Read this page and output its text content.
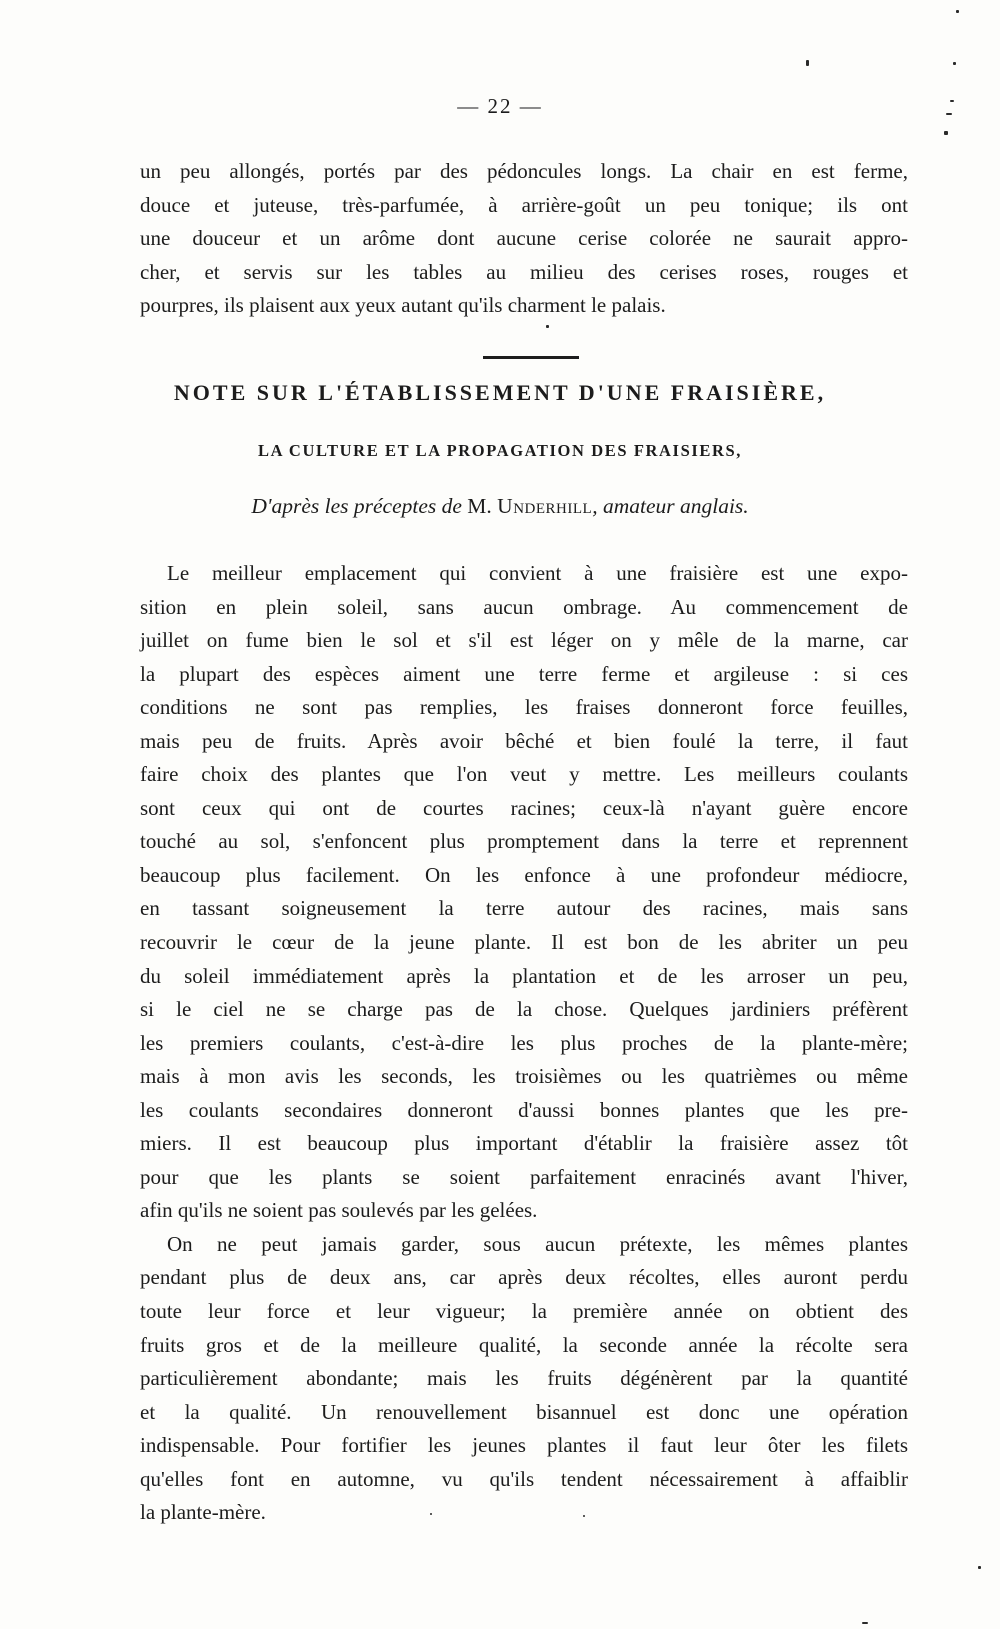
— 22 —
un peu allongés, portés par des pédoncules longs. La chair en est ferme,
douce et juteuse, très-parfumée, à arrière-goût un peu tonique; ils ont
une douceur et un arôme dont aucune cerise colorée ne saurait appro-
cher, et servis sur les tables au milieu des cerises roses, rouges et
pourpres, ils plaisent aux yeux autant qu'ils charment le palais.
NOTE SUR L'ÉTABLISSEMENT D'UNE FRAISIÈRE,
LA CULTURE ET LA PROPAGATION DES FRAISIERS,
D'après les préceptes de M. Underhill, amateur anglais.
Le meilleur emplacement qui convient à une fraisière est une expo-
sition en plein soleil, sans aucun ombrage. Au commencement de
juillet on fume bien le sol et s'il est léger on y mêle de la marne, car
la plupart des espèces aiment une terre ferme et argileuse : si ces
conditions ne sont pas remplies, les fraises donneront force feuilles,
mais peu de fruits. Après avoir bêché et bien foulé la terre, il faut
faire choix des plantes que l'on veut y mettre. Les meilleurs coulants
sont ceux qui ont de courtes racines; ceux-là n'ayant guère encore
touché au sol, s'enfoncent plus promptement dans la terre et reprennent
beaucoup plus facilement. On les enfonce à une profondeur médiocre,
en tassant soigneusement la terre autour des racines, mais sans
recouvrir le cœur de la jeune plante. Il est bon de les abriter un peu
du soleil immédiatement après la plantation et de les arroser un peu,
si le ciel ne se charge pas de la chose. Quelques jardiniers préfèrent
les premiers coulants, c'est-à-dire les plus proches de la plante-mère;
mais à mon avis les seconds, les troisièmes ou les quatrièmes ou même
les coulants secondaires donneront d'aussi bonnes plantes que les pre-
miers. Il est beaucoup plus important d'établir la fraisière assez tôt
pour que les plants se soient parfaitement enracinés avant l'hiver,
afin qu'ils ne soient pas soulevés par les gelées.
On ne peut jamais garder, sous aucun prétexte, les mêmes plantes
pendant plus de deux ans, car après deux récoltes, elles auront perdu
toute leur force et leur vigueur; la première année on obtient des
fruits gros et de la meilleure qualité, la seconde année la récolte sera
particulièrement abondante; mais les fruits dégénèrent par la quantité
et la qualité. Un renouvellement bisannuel est donc une opération
indispensable. Pour fortifier les jeunes plantes il faut leur ôter les filets
qu'elles font en automne, vu qu'ils tendent nécessairement à affaiblir
la plante-mère.
